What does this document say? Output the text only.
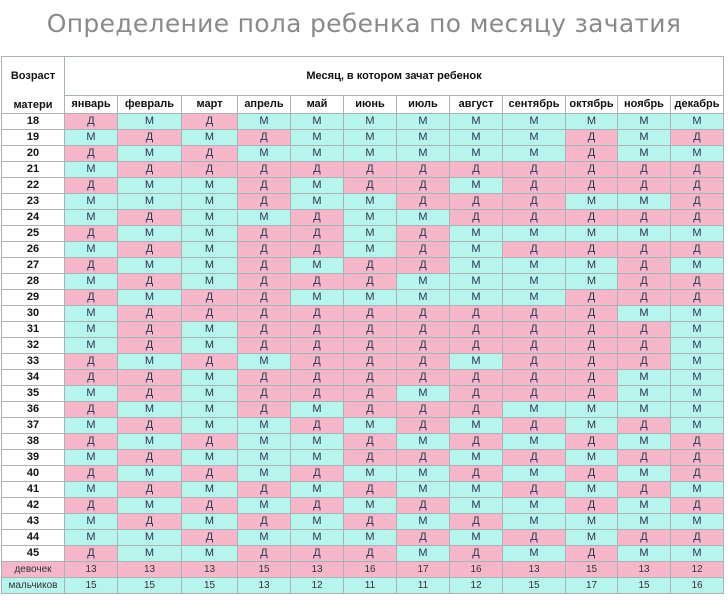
Определение пола ребенка по месяцу зачатия
Возраст
матери	Месяц, в котором зачат ребенок											
	январь	февраль	март	апрель	май	июнь	июль	август	сентябрь	октябрь	ноябрь	декабрь
18	Д	М	Д	М	М	М	М	М	М	М	М	М
19	М	Д	М	Д	М	М	М	М	М	Д	М	Д
20	Д	М	Д	М	М	М	М	М	М	Д	М	М
21	М	Д	Д	Д	Д	Д	Д	Д	Д	Д	Д	Д
22	Д	М	М	Д	М	Д	Д	М	Д	Д	Д	Д
23	М	М	М	Д	М	М	Д	Д	Д	М	М	Д
24	М	Д	М	М	Д	М	М	Д	Д	Д	Д	Д
25	Д	М	М	Д	Д	М	Д	М	М	М	М	М
26	М	Д	М	Д	Д	М	Д	М	Д	Д	Д	Д
27	Д	М	М	Д	М	Д	Д	М	М	М	Д	М
28	М	Д	М	Д	Д	Д	М	М	М	М	Д	Д
29	Д	М	Д	Д	М	М	М	М	М	Д	Д	Д
30	М	Д	Д	Д	Д	Д	Д	Д	Д	Д	М	М
31	М	Д	М	Д	Д	Д	Д	Д	Д	Д	Д	М
32	М	Д	М	Д	Д	Д	Д	Д	Д	Д	Д	М
33	Д	М	Д	М	Д	Д	Д	М	Д	Д	Д	М
34	Д	Д	М	Д	Д	Д	Д	Д	Д	Д	М	М
35	М	Д	М	Д	Д	Д	М	Д	Д	Д	М	М
36	Д	М	М	Д	М	Д	Д	Д	М	М	М	М
37	М	Д	М	М	Д	М	Д	М	Д	М	Д	М
38	Д	М	Д	М	М	Д	М	Д	М	Д	М	Д
39	М	Д	М	М	М	Д	Д	М	Д	М	Д	Д
40	Д	М	Д	М	Д	М	М	Д	М	Д	М	Д
41	М	Д	М	Д	М	Д	М	М	Д	М	Д	М
42	Д	М	Д	М	Д	М	Д	М	М	Д	М	Д
43	М	Д	М	Д	М	Д	М	Д	М	М	М	М
44	М	М	Д	М	М	М	Д	М	Д	М	Д	Д
45	Д	М	М	Д	Д	Д	М	Д	М	Д	М	М
девочек	13	13	13	15	13	16	17	16	13	15	13	12
мальчиков	15	15	15	13	12	11	11	12	15	17	15	16
